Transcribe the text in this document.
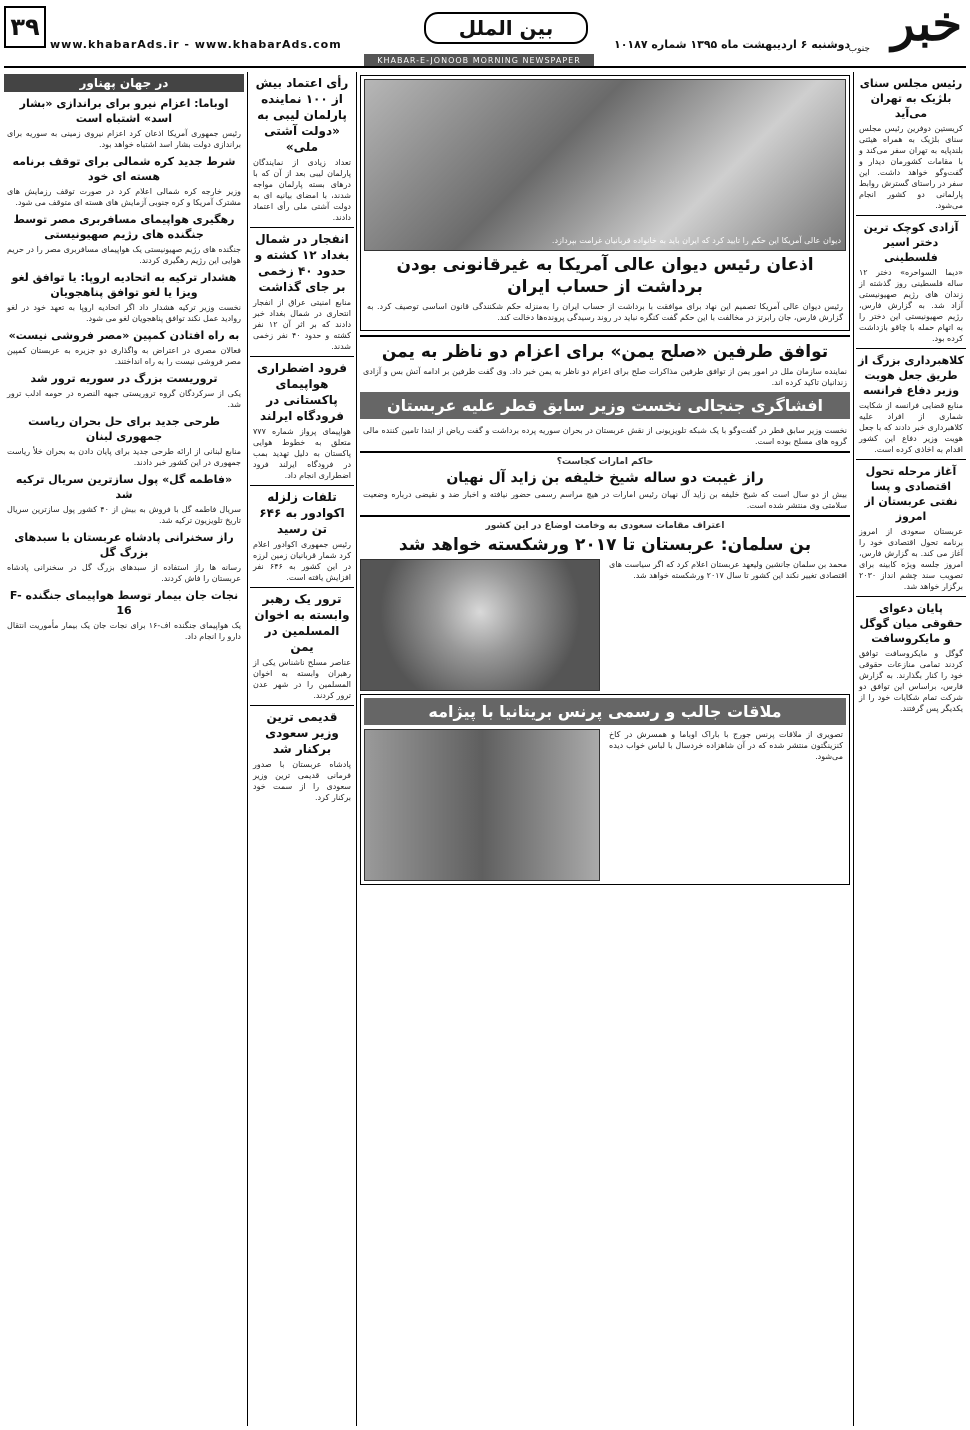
۳۹
www.khabarAds.ir - www.khabarAds.com
بین الملل
دوشنبه ۶ اردیبهشت ماه ۱۳۹۵ شماره ۱۰۱۸۷ خبر
جنوب
KHABAR-E-JONOOB MORNING NEWSPAPER
رئیس مجلس سنای بلژیک به تهران می‌آید
کریستین دوفرین رئیس مجلس سنای بلژیک به همراه هیئتی بلندپایه به تهران سفر می‌کند و با مقامات کشورمان دیدار و گفت‌وگو خواهد داشت. این سفر در راستای گسترش روابط پارلمانی دو کشور انجام می‌شود.
آزادی کوچک ترین دختر اسیر فلسطینی
«دیما السواحره» دختر ۱۲ ساله فلسطینی روز گذشته از زندان های رژیم صهیونیستی آزاد شد. به گزارش فارس، رژیم صهیونیستی این دختر را به اتهام حمله با چاقو بازداشت کرده بود.
کلاهبرداری بزرگ از طریق جعل هویت وزیر دفاع فرانسه
منابع قضایی فرانسه از شکایت شماری از افراد علیه کلاهبرداری خبر دادند که با جعل هویت وزیر دفاع این کشور اقدام به اخاذی کرده است.
آغاز مرحله تحول اقتصادی و پسا نفتی عربستان از امروز
عربستان سعودی از امروز برنامه تحول اقتصادی خود را آغاز می کند. به گزارش فارس، امروز جلسه ویژه کابینه برای تصویب سند چشم انداز ۲۰۳۰ برگزار خواهد شد.
پایان دعوای حقوقی میان گوگل و مایکروسافت
گوگل و مایکروسافت توافق کردند تمامی منازعات حقوقی خود را کنار بگذارند. به گزارش فارس، براساس این توافق دو شرکت تمام شکایات خود را از یکدیگر پس گرفتند.
دیوان عالی آمریکا این حکم را تایید کرد که ایران باید به خانواده قربانیان غرامت بپردازد.
اذعان رئیس دیوان عالی آمریکا به غیرقانونی بودن برداشت از حساب ایران
رئیس دیوان عالی آمریکا تصمیم این نهاد برای موافقت با برداشت از حساب ایران را به‌منزله حکم شکنندگی قانون اساسی توصیف کرد. به گزارش فارس، جان رابرتز در مخالفت با این حکم گفت کنگره نباید در روند رسیدگی پرونده‌ها دخالت کند.
توافق طرفین «صلح یمن» برای اعزام دو ناظر به یمن
نماینده سازمان ملل در امور یمن از توافق طرفین مذاکرات صلح برای اعزام دو ناظر به یمن خبر داد. وی گفت طرفین بر ادامه آتش بس و آزادی زندانیان تاکید کرده اند.
افشاگری جنجالی نخست وزیر سابق قطر علیه عربستان
نخست وزیر سابق قطر در گفت‌وگو با یک شبکه تلویزیونی از نقش عربستان در بحران سوریه پرده برداشت و گفت ریاض از ابتدا تامین کننده مالی گروه های مسلح بوده است.
حاکم امارات کجاست؟
راز غیبت دو ساله شیخ خلیفه بن زاید آل نهیان
بیش از دو سال است که شیخ خلیفه بن زاید آل نهیان رئیس امارات در هیچ مراسم رسمی حضور نیافته و اخبار ضد و نقیضی درباره وضعیت سلامتی وی منتشر شده است.
اعتراف مقامات سعودی به وخامت اوضاع در این کشور
بن سلمان: عربستان تا ۲۰۱۷ ورشکسته خواهد شد
محمد بن سلمان جانشین ولیعهد عربستان اعلام کرد که اگر سیاست های اقتصادی تغییر نکند این کشور تا سال ۲۰۱۷ ورشکسته خواهد شد.
ملاقات جالب و رسمی پرنس بریتانیا با پیژامه
تصویری از ملاقات پرنس جورج با باراک اوباما و همسرش در کاخ کنزینگتون منتشر شده که در آن شاهزاده خردسال با لباس خواب دیده می‌شود.
رأی اعتماد بیش از ۱۰۰ نماینده پارلمان لیبی به «دولت آشتی ملی»
تعداد زیادی از نمایندگان پارلمان لیبی بعد از آن که با درهای بسته پارلمان مواجه شدند، با امضای بیانیه ای به دولت آشتی ملی رأی اعتماد دادند.
انفجار در شمال بغداد ۱۲ کشته و حدود ۴۰ زخمی بر جای گذاشت
منابع امنیتی عراق از انفجار انتحاری در شمال بغداد خبر دادند که بر اثر آن ۱۲ نفر کشته و حدود ۴۰ نفر زخمی شدند.
فرود اضطراری هواپیمای پاکستانی در فرودگاه ایرلند
هواپیمای پرواز شماره ۷۷۷ متعلق به خطوط هوایی پاکستان به دلیل تهدید بمب در فرودگاه ایرلند فرود اضطراری انجام داد.
تلفات زلزله اکوادور به ۶۴۶ تن رسید
رئیس جمهوری اکوادور اعلام کرد شمار قربانیان زمین لرزه در این کشور به ۶۴۶ نفر افزایش یافته است.
ترور یک رهبر وابسته به اخوان المسلمین در یمن
عناصر مسلح ناشناس یکی از رهبران وابسته به اخوان المسلمین را در شهر عدن ترور کردند.
قدیمی ترین وزیر سعودی برکنار شد
پادشاه عربستان با صدور فرمانی قدیمی ترین وزیر سعودی را از سمت خود برکنار کرد.
در جهان پهناور
اوباما: اعزام نیرو برای براندازی «بشار اسد» اشتباه است
رئیس جمهوری آمریکا اذعان کرد اعزام نیروی زمینی به سوریه برای براندازی دولت بشار اسد اشتباه خواهد بود.
شرط جدید کره شمالی برای توقف برنامه هسته ای خود
وزیر خارجه کره شمالی اعلام کرد در صورت توقف رزمایش های مشترک آمریکا و کره جنوبی آزمایش های هسته ای متوقف می شود.
رهگیری هواپیمای مسافربری مصر توسط جنگنده های رژیم صهیونیستی
جنگنده های رژیم صهیونیستی یک هواپیمای مسافربری مصر را در حریم هوایی این رژیم رهگیری کردند.
هشدار ترکیه به اتحادیه اروپا: یا توافق لغو ویزا یا لغو توافق پناهجویان
نخست وزیر ترکیه هشدار داد اگر اتحادیه اروپا به تعهد خود در لغو روادید عمل نکند توافق پناهجویان لغو می شود.
به راه افتادن کمپین «مصر فروشی نیست»
فعالان مصری در اعتراض به واگذاری دو جزیره به عربستان کمپین مصر فروشی نیست را به راه انداختند.
تروریست بزرگ در سوریه ترور شد
یکی از سرکردگان گروه تروریستی جبهه النصره در حومه ادلب ترور شد.
طرحی جدید برای حل بحران ریاست جمهوری لبنان
منابع لبنانی از ارائه طرحی جدید برای پایان دادن به بحران خلأ ریاست جمهوری در این کشور خبر دادند.
«فاطمه گل» پول سازترین سریال ترکیه شد
سریال فاطمه گل با فروش به بیش از ۴۰ کشور پول سازترین سریال تاریخ تلویزیون ترکیه شد.
راز سخنرانی پادشاه عربستان با سبدهای بزرگ گل
رسانه ها راز استفاده از سبدهای بزرگ گل در سخنرانی پادشاه عربستان را فاش کردند.
نجات جان بیمار توسط هواپیمای جنگنده F-16
یک هواپیمای جنگنده اف-۱۶ برای نجات جان یک بیمار مأموریت انتقال دارو را انجام داد.
